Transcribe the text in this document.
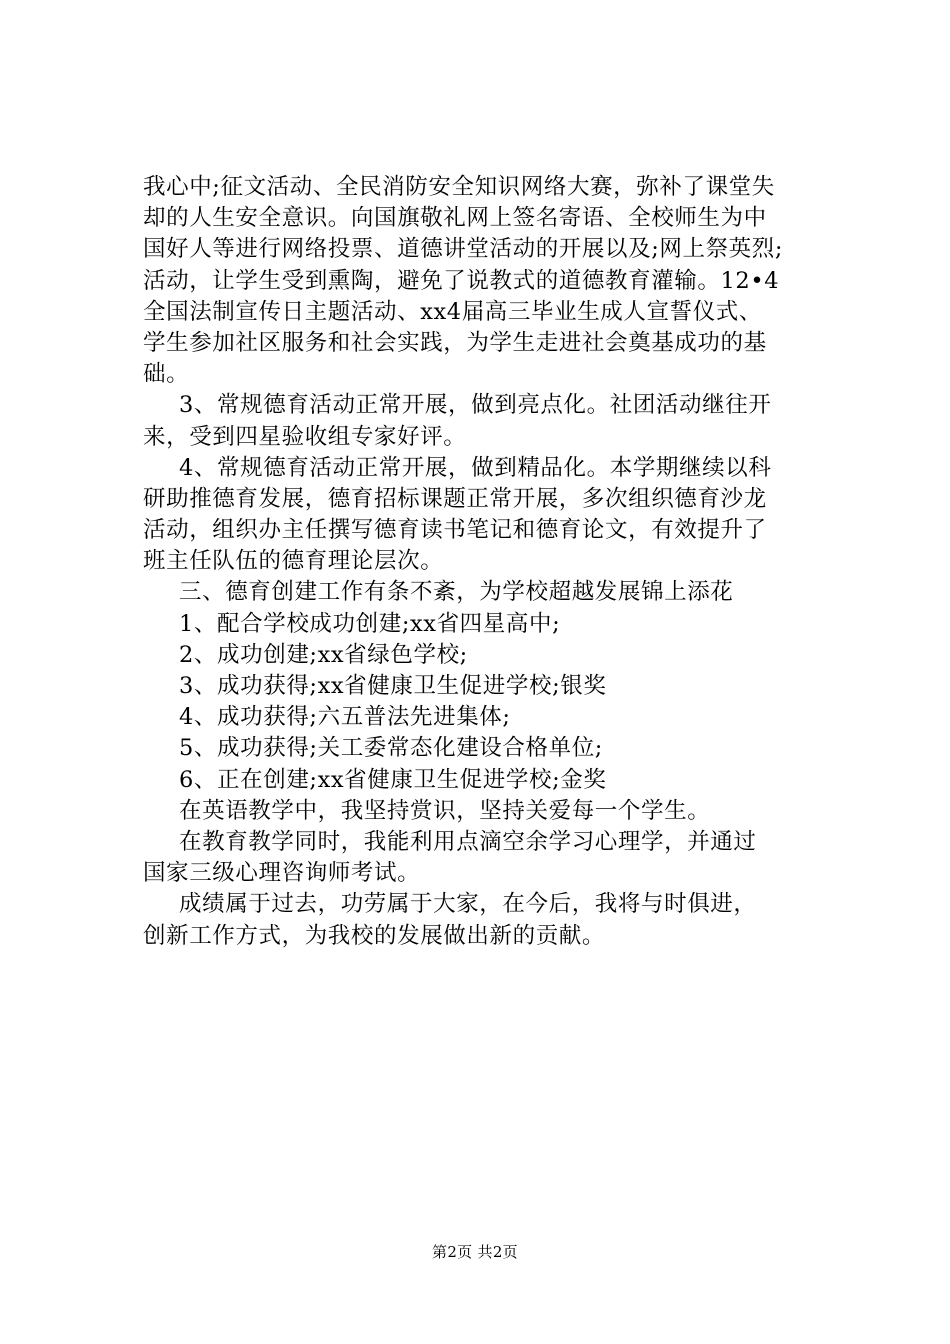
我心中;征文活动、全民消防安全知识网络大赛，弥补了课堂失
却的人生安全意识。向国旗敬礼网上签名寄语、全校师生为中
国好人等进行网络投票、道德讲堂活动的开展以及;网上祭英烈;
活动，让学生受到熏陶，避免了说教式的道德教育灌输。12•4
全国法制宣传日主题活动、xx4届高三毕业生成人宣誓仪式、
学生参加社区服务和社会实践，为学生走进社会奠基成功的基
础。
3、常规德育活动正常开展，做到亮点化。社团活动继往开
来，受到四星验收组专家好评。
4、常规德育活动正常开展，做到精品化。本学期继续以科
研助推德育发展，德育招标课题正常开展，多次组织德育沙龙
活动，组织办主任撰写德育读书笔记和德育论文，有效提升了
班主任队伍的德育理论层次。
三、德育创建工作有条不紊，为学校超越发展锦上添花
1、配合学校成功创建;xx省四星高中;
2、成功创建;xx省绿色学校;
3、成功获得;xx省健康卫生促进学校;银奖
4、成功获得;六五普法先进集体;
5、成功获得;关工委常态化建设合格单位;
6、正在创建;xx省健康卫生促进学校;金奖
在英语教学中，我坚持赏识，坚持关爱每一个学生。
在教育教学同时，我能利用点滴空余学习心理学，并通过
国家三级心理咨询师考试。
成绩属于过去，功劳属于大家，在今后，我将与时俱进，
创新工作方式，为我校的发展做出新的贡献。
第2页 共2页
